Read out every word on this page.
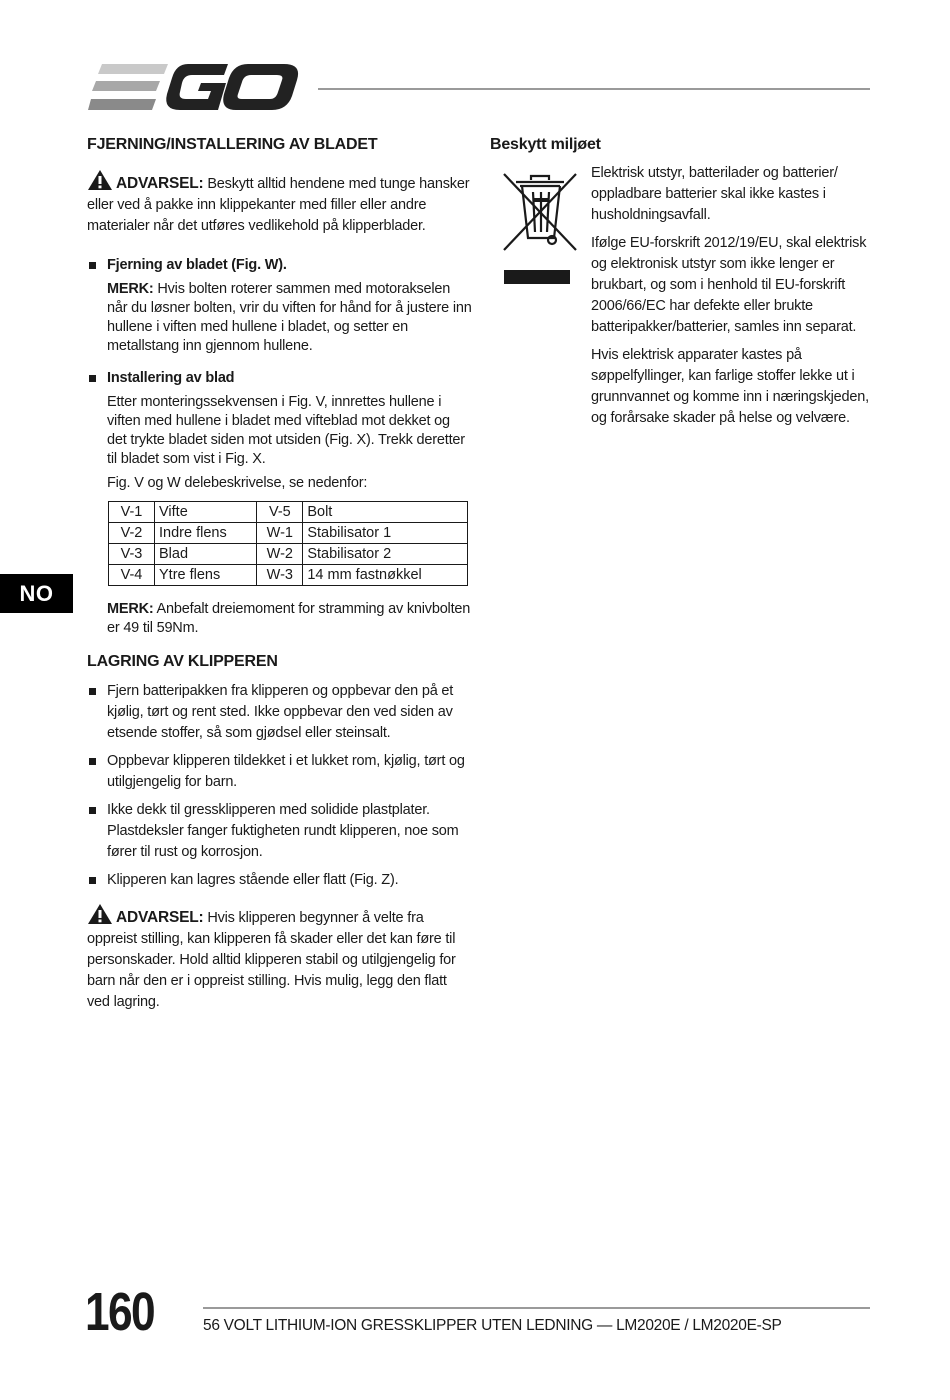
FJERNING/INSTALLERING AV BLADET

ADVARSEL: Beskytt alltid hendene med tunge hansker eller ved å pakke inn klippekanter med filler eller andre materialer når det utføres vedlikehold på klipperblader.

Fjerning av bladet (Fig. W).

MERK: Hvis bolten roterer sammen med motorakselen når du løsner bolten, vrir du viften for hånd for å justere inn hullene i viften med hullene i bladet, og setter en metallstang inn gjennom hullene.

Installering av blad

Etter monteringssekvensen i Fig. V, innrettes hullene i viften med hullene i bladet med vifteblad mot dekket og det trykte bladet siden mot utsiden (Fig. X). Trekk deretter til bladet som vist i Fig. X.

Fig. V og W delebeskrivelse, se nedenfor:

V-1	Vifte	V-5	Bolt
V-2	Indre flens	W-1	Stabilisator 1
V-3	Blad	W-2	Stabilisator 2
V-4	Ytre flens	W-3	14 mm fastnøkkel

MERK: Anbefalt dreiemoment for stramming av knivbolten er 49 til 59Nm.

LAGRING AV KLIPPEREN
Fjern batteripakken fra klipperen og oppbevar den på et kjølig, tørt og rent sted. Ikke oppbevar den ved siden av etsende stoffer, så som gjødsel eller steinsalt.
Oppbevar klipperen tildekket i et lukket rom, kjølig, tørt og utilgjengelig for barn.
Ikke dekk til gressklipperen med solidide plastplater. Plastdeksler fanger fuktigheten rundt klipperen, noe som fører til rust og korrosjon.
Klipperen kan lagres stående eller flatt (Fig. Z).

ADVARSEL: Hvis klipperen begynner å velte fra oppreist stilling, kan klipperen få skader eller det kan føre til personskader. Hold alltid klipperen stabil og utilgjengelig for barn når den er i oppreist stilling. Hvis mulig, legg den flatt ved lagring.

NO
Beskytt miljøet

Elektrisk utstyr, batterilader og batterier/ oppladbare batterier skal ikke kastes i husholdningsavfall.

Ifølge EU-forskrift 2012/19/EU, skal elektrisk og elektronisk utstyr som ikke lenger er brukbart, og som i henhold til EU-forskrift 2006/66/EC har defekte eller brukte batteripakker/batterier, samles inn separat.

Hvis elektrisk apparater kastes på søppelfyllinger, kan farlige stoffer lekke ut i grunnvannet og komme inn i næringskjeden, og forårsake skader på helse og velvære.

160	56 VOLT LITHIUM-ION GRESSKLIPPER UTEN LEDNING — LM2020E / LM2020E-SP
